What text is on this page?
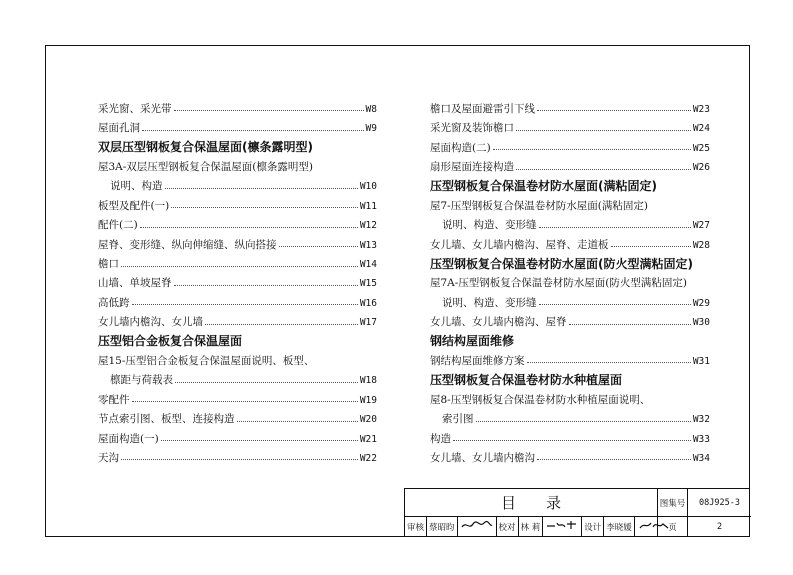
采光窗、采光带	W8
屋面孔洞	W9
双层压型钢板复合保温屋面(檩条露明型)
屋3A-双层压型钢板复合保温屋面(檩条露明型)
说明、构造	W10
板型及配件(一)	W11
配件(二)	W12
屋脊、变形缝、纵向伸缩缝、纵向搭接	W13
檐口	W14
山墙、单坡屋脊	W15
高低跨	W16
女儿墙内檐沟、女儿墙	W17
压型铝合金板复合保温屋面
屋15-压型铝合金板复合保温屋面说明、板型、
檩距与荷载表	W18
零配件	W19
节点索引图、板型、连接构造	W20
屋面构造(一)	W21
天沟	W22
檐口及屋面避雷引下线	W23
采光窗及装饰檐口	W24
屋面构造(二)	W25
扇形屋面连接构造	W26
压型钢板复合保温卷材防水屋面(满粘固定)
屋7-压型钢板复合保温卷材防水屋面(满粘固定)
说明、构造、变形缝	W27
女儿墙、女儿墙内檐沟、屋脊、走道板	W28
压型钢板复合保温卷材防水屋面(防火型满粘固定)
屋7A-压型钢板复合保温卷材防水屋面(防火型满粘固定)
说明、构造、变形缝	W29
女儿墙、女儿墙内檐沟、屋脊	W30
钢结构屋面维修
钢结构屋面维修方案	W31
压型钢板复合保温卷材防水种植屋面
屋8-压型钢板复合保温卷材防水种植屋面说明、
索引图	W32
构造	W33
女儿墙、女儿墙内檐沟	W34
目录	图集号	08J925-3
页	2
审核 蔡昭昀	校对 林 莉	设计 李晓媛
